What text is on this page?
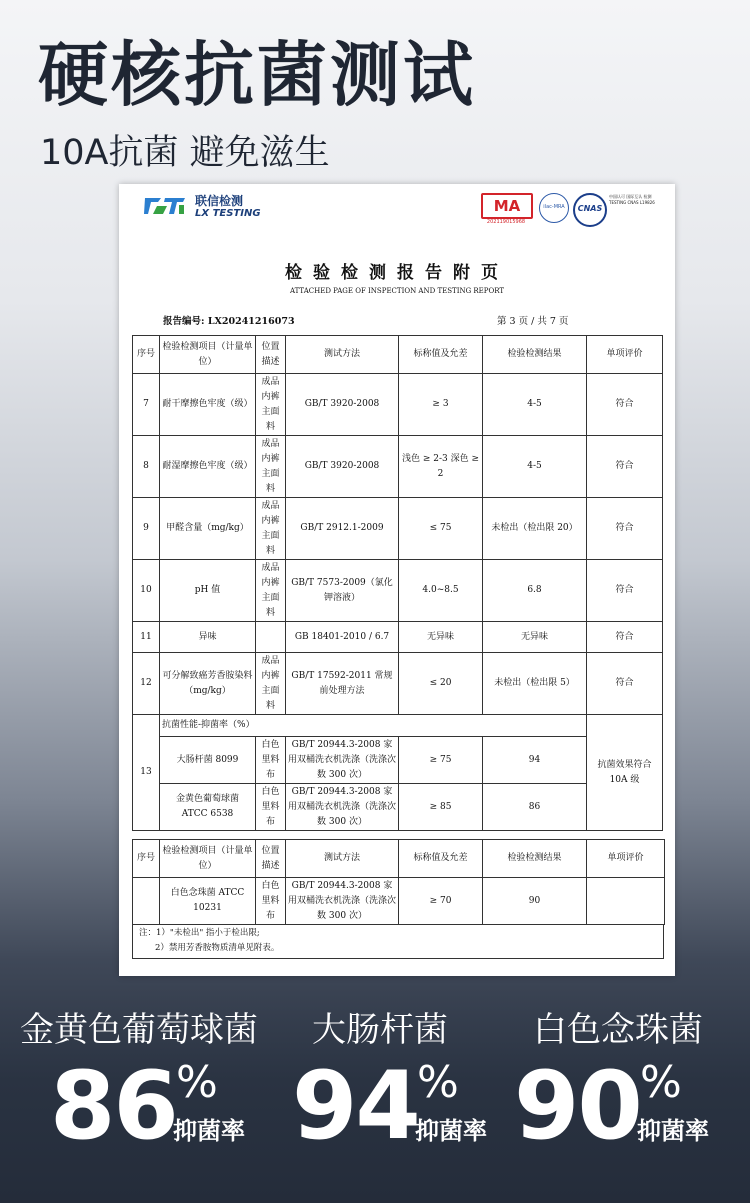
硬核抗菌测试
10A抗菌 避免滋生
联信检测
LX TESTING	MA
202119015968
ilac-MRA	CNAS
中国认可 国际互认 检测 TESTING CNAS L19826
检验检测报告附页
ATTACHED PAGE OF INSPECTION AND TESTING REPORT
报告编号: LX20241216073	第 3 页 / 共 7 页
序号	检验检测项目（计量单位）	位置描述	测试方法	标称值及允差	检验检测结果	单项评价
7	耐干摩擦色牢度（级）	成品内裤主面料	GB/T 3920-2008	≥ 3	4-5	符合
8	耐湿摩擦色牢度（级）	成品内裤主面料	GB/T 3920-2008	浅色 ≥ 2-3 深色 ≥ 2	4-5	符合
9	甲醛含量（mg/kg）	成品内裤主面料	GB/T 2912.1-2009	≤ 75	未检出（检出限 20）	符合
10	pH 值	成品内裤主面料	GB/T 7573-2009（氯化钾溶液）	4.0~8.5	6.8	符合
11	异味		GB 18401-2010 / 6.7	无异味	无异味	符合
12	可分解致癌芳香胺染料（mg/kg）	成品内裤主面料	GB/T 17592-2011 常规前处理方法	≤ 20	未检出（检出限 5）	符合
13	抗菌性能-抑菌率（%）					抗菌效果符合 10A 级
	大肠杆菌 8099	白色里料布	GB/T 20944.3-2008 家用双桶洗衣机洗涤（洗涤次数 300 次）	≥ 75	94	
	金黄色葡萄球菌 ATCC 6538	白色里料布	GB/T 20944.3-2008 家用双桶洗衣机洗涤（洗涤次数 300 次）	≥ 85	86	
序号	检验检测项目（计量单位）	位置描述	测试方法	标称值及允差	检验检测结果	单项评价
	白色念珠菌 ATCC 10231	白色里料布	GB/T 20944.3-2008 家用双桶洗衣机洗涤（洗涤次数 300 次）	≥ 70	90	
注：1）"未检出" 指小于检出限;
2）禁用芳香胺物质清单见附表。
金黄色葡萄球菌
86 %
抑菌率
大肠杆菌
94
%
抑菌率
白色念珠菌
90 %
抑菌率
